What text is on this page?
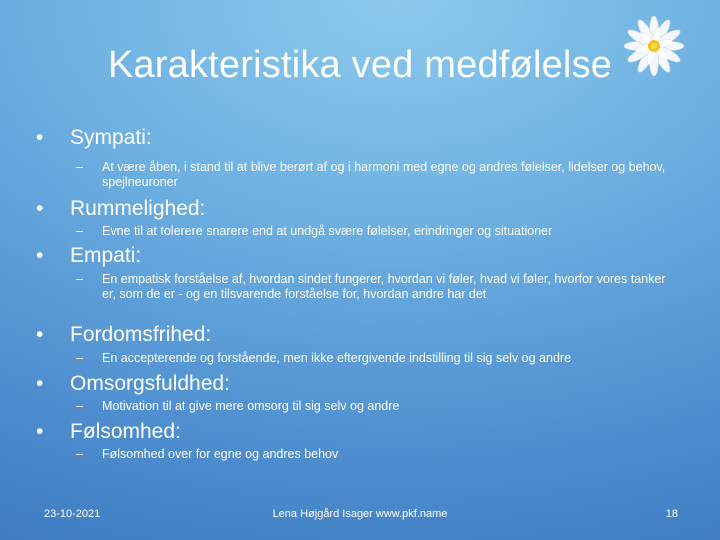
Karakteristika ved medfølelse
• Sympati:
– At være åben, i stand til at blive berørt af og i harmoni med egne og andres følelser, lidelser og behov, spejlneuroner
• Rummelighed:
– Evne til at tolerere snarere end at undgå svære følelser, erindringer og situationer
• Empati:
– En empatisk forståelse af, hvordan sindet fungerer, hvordan vi føler, hvad vi føler, hvorfor vores tanker er, som de er - og en tilsvarende forståelse for, hvordan andre har det
• Fordomsfrihed:
– En accepterende og forstående, men ikke eftergivende indstilling til sig selv og andre
• Omsorgsfuldhed:
– Motivation til at give mere omsorg til sig selv og andre
• Følsomhed:
– Følsomhed over for egne og andres behov
23-10-2021	Lena Højgård Isager www.pkf.name	18
